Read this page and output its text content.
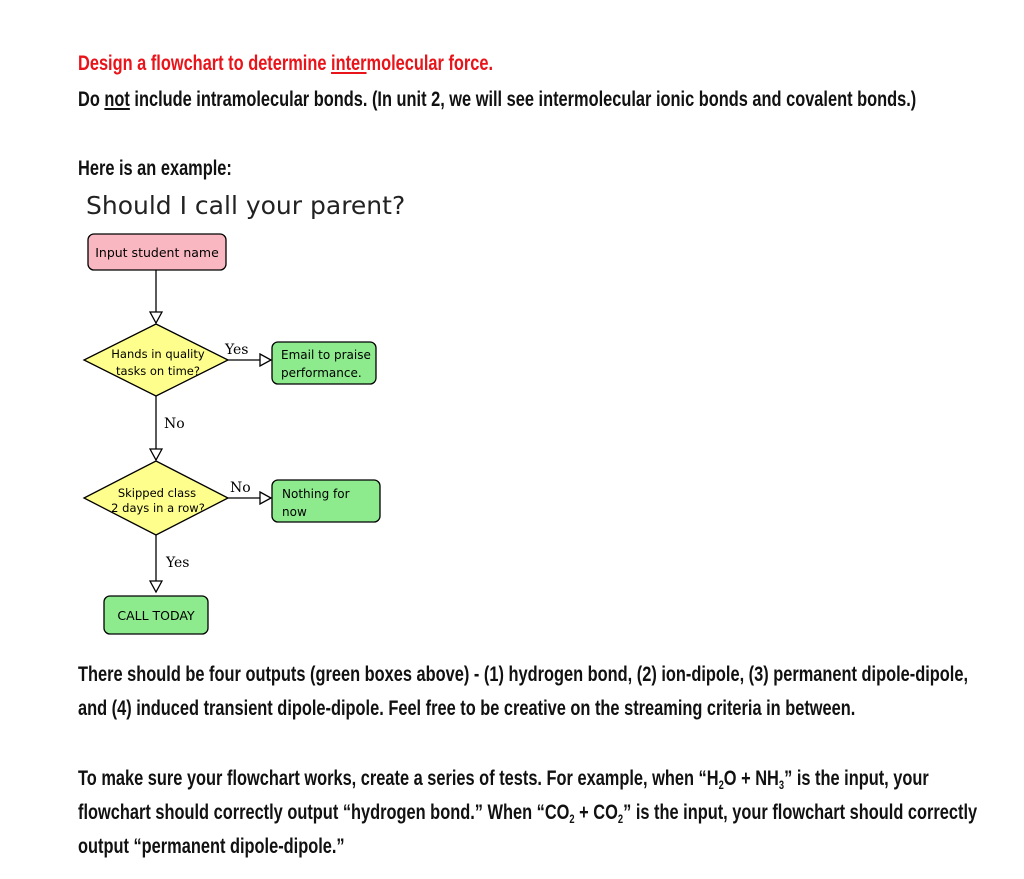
Design a flowchart to determine intermolecular force.
Do not include intramolecular bonds. (In unit 2, we will see intermolecular ionic bonds and covalent bonds.)
Here is an example:
Should I call your parent?
Input student name
Hands in quality
tasks on time?
Yes	Email to praise
performance.
No
Skipped class
2 days in a row?
No	Nothing for
now
Yes
CALL TODAY
There should be four outputs (green boxes above) - (1) hydrogen bond, (2) ion-dipole, (3) permanent dipole-dipole,
and (4) induced transient dipole-dipole. Feel free to be creative on the streaming criteria in between.
To make sure your flowchart works, create a series of tests. For example, when “$H_2O + NH_3$” is the input, your
flowchart should correctly output “hydrogen bond.” When “$CO_2 + CO_2$” is the input, your flowchart should correctly
output “permanent dipole-dipole.”
